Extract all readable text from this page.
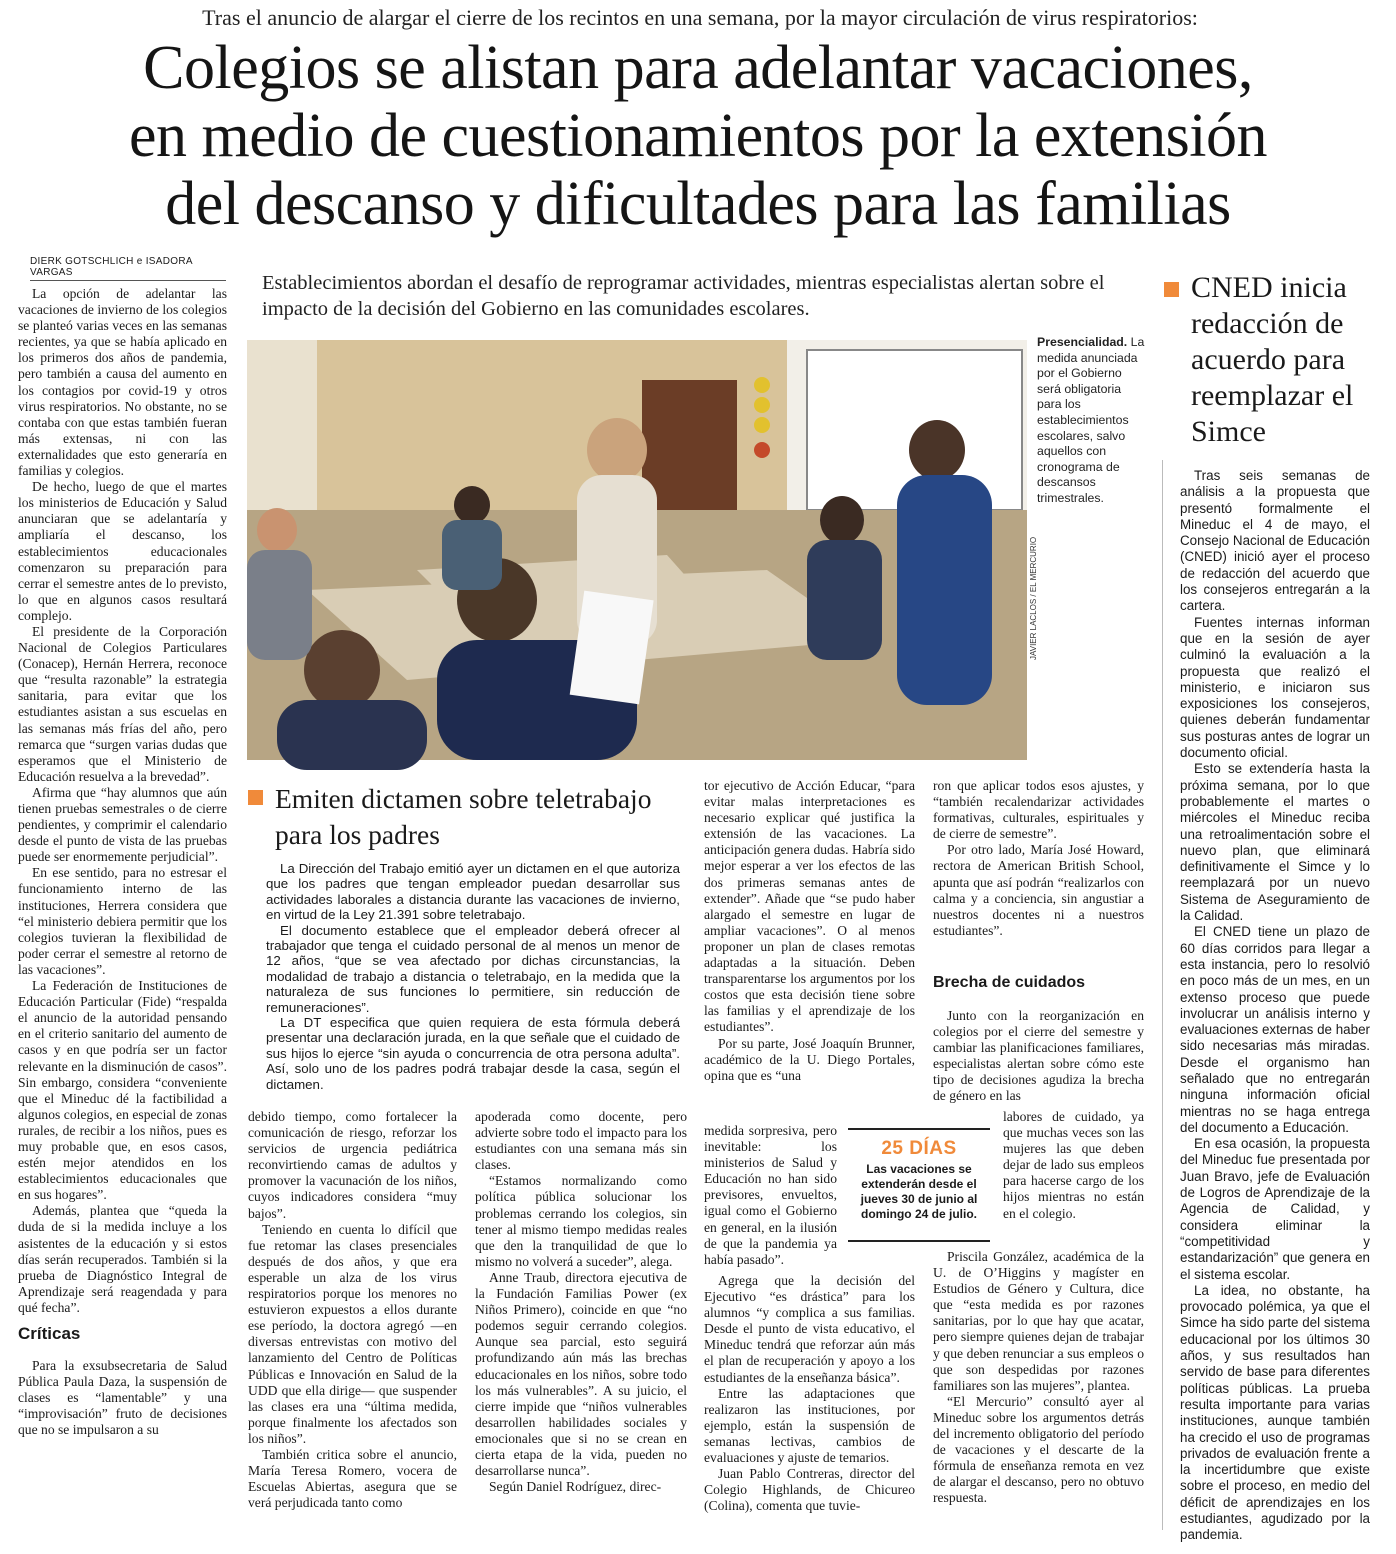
Tras el anuncio de alargar el cierre de los recintos en una semana, por la mayor circulación de virus respiratorios:
Colegios se alistan para adelantar vacaciones,
en medio de cuestionamientos por la extensión
del descanso y dificultades para las familias
DIERK GOTSCHLICH e ISADORA VARGAS	Establecimientos abordan el desafío de reprogramar actividades, mientras especialistas alertan sobre el impacto de la decisión del Gobierno en las comunidades escolares.

La opción de adelantar las vacaciones de invierno de los colegios se planteó varias veces en las semanas recientes, ya que se había aplicado en los primeros dos años de pandemia, pero también a causa del aumento en los contagios por covid-19 y otros virus respiratorios. No obstante, no se contaba con que estas también fueran más extensas, ni con las externalidades que esto generaría en familias y colegios.

De hecho, luego de que el martes los ministerios de Educación y Salud anunciaran que se adelantaría y ampliaría el descanso, los establecimientos educacionales comenzaron su preparación para cerrar el semestre antes de lo previsto, lo que en algunos casos resultará complejo.

El presidente de la Corporación Nacional de Colegios Particulares (Conacep), Hernán Herrera, reconoce que “resulta razonable” la estrategia sanitaria, para evitar que los estudiantes asistan a sus escuelas en las semanas más frías del año, pero remarca que “surgen varias dudas que esperamos que el Ministerio de Educación resuelva a la brevedad”.

Afirma que “hay alumnos que aún tienen pruebas semestrales o de cierre pendientes, y comprimir el calendario desde el punto de vista de las pruebas puede ser enormemente perjudicial”.

En ese sentido, para no estresar el funcionamiento interno de las instituciones, Herrera considera que “el ministerio debiera permitir que los colegios tuvieran la flexibilidad de poder cerrar el semestre al retorno de las vacaciones”.

La Federación de Instituciones de Educación Particular (Fide) “respalda el anuncio de la autoridad pensando en el criterio sanitario del aumento de casos y en que podría ser un factor relevante en la disminución de casos”. Sin embargo, considera “conveniente que el Mineduc dé la factibilidad a algunos colegios, en especial de zonas rurales, de recibir a los niños, pues es muy probable que, en esos casos, estén mejor atendidos en los establecimientos educacionales que en sus hogares”.

Además, plantea que “queda la duda de si la medida incluye a los asistentes de la educación y si estos días serán recuperados. También si la prueba de Diagnóstico Integral de Aprendizaje será reagendada y para qué fecha”.

Críticas

Para la exsubsecretaria de Salud Pública Paula Daza, la suspensión de clases es “lamentable” y una “improvisación” fruto de decisiones que no se impulsaron a su

JAVIER LACLOS / EL MERCURIO
Presencialidad. La medida anunciada por el Gobierno será obligatoria para los establecimientos escolares, salvo aquellos con cronograma de descansos trimestrales.
CNED inicia redacción de acuerdo para reemplazar el Simce

Tras seis semanas de análisis a la propuesta que presentó formalmente el Mineduc el 4 de mayo, el Consejo Nacional de Educación (CNED) inició ayer el proceso de redacción del acuerdo que los consejeros entregarán a la cartera.

Fuentes internas informan que en la sesión de ayer culminó la evaluación a la propuesta que realizó el ministerio, e iniciaron sus exposiciones los consejeros, quienes deberán fundamentar sus posturas antes de lograr un documento oficial.

Esto se extendería hasta la próxima semana, por lo que probablemente el martes o miércoles el Mineduc reciba una retroalimentación sobre el nuevo plan, que eliminará definitivamente el Simce y lo reemplazará por un nuevo Sistema de Aseguramiento de la Calidad.

El CNED tiene un plazo de 60 días corridos para llegar a esta instancia, pero lo resolvió en poco más de un mes, en un extenso proceso que puede involucrar un análisis interno y evaluaciones externas de haber sido necesarias más miradas. Desde el organismo han señalado que no entregarán ninguna información oficial mientras no se haga entrega del documento a Educación.

En esa ocasión, la propuesta del Mineduc fue presentada por Juan Bravo, jefe de Evaluación de Logros de Aprendizaje de la Agencia de Calidad, y considera eliminar la “competitividad y estandarización” que genera en el sistema escolar.

La idea, no obstante, ha provocado polémica, ya que el Simce ha sido parte del sistema educacional por los últimos 30 años, y sus resultados han servido de base para diferentes políticas públicas. La prueba resulta importante para varias instituciones, aunque también ha crecido el uso de programas privados de evaluación frente a la incertidumbre que existe sobre el proceso, en medio del déficit de aprendizajes en los estudiantes, agudizado por la pandemia.

Emiten dictamen sobre teletrabajo para los padres

La Dirección del Trabajo emitió ayer un dictamen en el que autoriza que los padres que tengan empleador puedan desarrollar sus actividades laborales a distancia durante las vacaciones de invierno, en virtud de la Ley 21.391 sobre teletrabajo.

El documento establece que el empleador deberá ofrecer al trabajador que tenga el cuidado personal de al menos un menor de 12 años, “que se vea afectado por dichas circunstancias, la modalidad de trabajo a distancia o teletrabajo, en la medida que la naturaleza de sus funciones lo permitiere, sin reducción de remuneraciones”.

La DT especifica que quien requiera de esta fórmula deberá presentar una declaración jurada, en la que señale que el cuidado de sus hijos lo ejerce “sin ayuda o concurrencia de otra persona adulta”. Así, solo uno de los padres podrá trabajar desde la casa, según el dictamen.

debido tiempo, como fortalecer la comunicación de riesgo, reforzar los servicios de urgencia pediátrica reconvirtiendo camas de adultos y promover la vacunación de los niños, cuyos indicadores considera “muy bajos”.

Teniendo en cuenta lo difícil que fue retomar las clases presenciales después de dos años, y que era esperable un alza de los virus respiratorios porque los menores no estuvieron expuestos a ellos durante ese período, la doctora agregó —en diversas entrevistas con motivo del lanzamiento del Centro de Políticas Públicas e Innovación en Salud de la UDD que ella dirige— que suspender las clases era una “última medida, porque finalmente los afectados son los niños”.

También critica sobre el anuncio, María Teresa Romero, vocera de Escuelas Abiertas, asegura que se verá perjudicada tanto como

apoderada como docente, pero advierte sobre todo el impacto para los estudiantes con una semana más sin clases.

“Estamos normalizando como política pública solucionar los problemas cerrando los colegios, sin tener al mismo tiempo medidas reales que den la tranquilidad de que lo mismo no volverá a suceder”, alega.

Anne Traub, directora ejecutiva de la Fundación Familias Power (ex Niños Primero), coincide en que “no podemos seguir cerrando colegios. Aunque sea parcial, esto seguirá profundizando aún más las brechas educacionales en los niños, sobre todo los más vulnerables”. A su juicio, el cierre impide que “niños vulnerables desarrollen habilidades sociales y emocionales que si no se crean en cierta etapa de la vida, pueden no desarrollarse nunca”.

Según Daniel Rodríguez, direc-

tor ejecutivo de Acción Educar, “para evitar malas interpretaciones es necesario explicar qué justifica la extensión de las vacaciones. La anticipación genera dudas. Habría sido mejor esperar a ver los efectos de las dos primeras semanas antes de extender”. Añade que “se pudo haber alargado el semestre en lugar de ampliar vacaciones”. O al menos proponer un plan de clases remotas adaptadas a la situación. Deben transparentarse los argumentos por los costos que esta decisión tiene sobre las familias y el aprendizaje de los estudiantes”.

Por su parte, José Joaquín Brunner, académico de la U. Diego Portales, opina que es “una

medida sorpresiva, pero inevitable: los ministerios de Salud y Educación no han sido previsores, envueltos, igual como el Gobierno en general, en la ilusión de que la pandemia ya había pasado”.

Agrega que la decisión del Ejecutivo “es drástica” para los alumnos “y complica a sus familias. Desde el punto de vista educativo, el Mineduc tendrá que reforzar aún más el plan de recuperación y apoyo a los estudiantes de la enseñanza básica”.

Entre las adaptaciones que realizaron las instituciones, por ejemplo, están la suspensión de semanas lectivas, cambios de evaluaciones y ajuste de temarios.

Juan Pablo Contreras, director del Colegio Highlands, de Chicureo (Colina), comenta que tuvie-

ron que aplicar todos esos ajustes, y “también recalendarizar actividades formativas, culturales, espirituales y de cierre de semestre”.

Por otro lado, María José Howard, rectora de American British School, apunta que así podrán “realizarlos con calma y a conciencia, sin angustiar a nuestros docentes ni a nuestros estudiantes”.

Brecha de cuidados

Junto con la reorganización en colegios por el cierre del semestre y cambiar las planificaciones familiares, especialistas alertan sobre cómo este tipo de decisiones agudiza la brecha de género en las

labores de cuidado, ya que muchas veces son las mujeres las que deben dejar de lado sus empleos para hacerse cargo de los hijos mientras no están en el colegio.

Priscila González, académica de la U. de O’Higgins y magíster en Estudios de Género y Cultura, dice que “esta medida es por razones sanitarias, por lo que hay que acatar, pero siempre quienes dejan de trabajar y que deben renunciar a sus empleos o que son despedidas por razones familiares son las mujeres”, plantea.

“El Mercurio” consultó ayer al Mineduc sobre los argumentos detrás del incremento obligatorio del período de vacaciones y el descarte de la fórmula de enseñanza remota en vez de alargar el descanso, pero no obtuvo respuesta.

25 DÍAS
Las vacaciones se extenderán desde el jueves 30 de junio al domingo 24 de julio.
